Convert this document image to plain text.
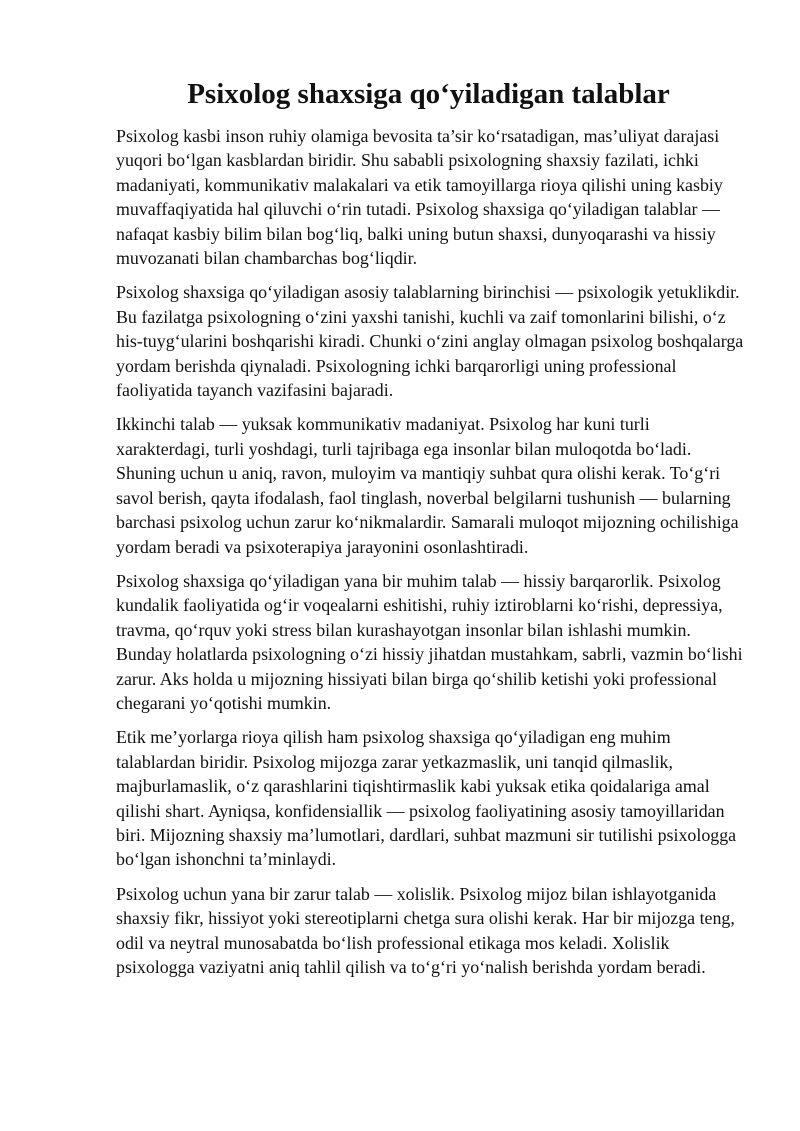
Psixolog shaxsiga qo‘yiladigan talablar

Psixolog kasbi inson ruhiy olamiga bevosita ta’sir ko‘rsatadigan, mas’uliyat darajasi yuqori bo‘lgan kasblardan biridir. Shu sababli psixologning shaxsiy fazilati, ichki madaniyati, kommunikativ malakalari va etik tamoyillarga rioya qilishi uning kasbiy muvaffaqiyatida hal qiluvchi o‘rin tutadi. Psixolog shaxsiga qo‘yiladigan talablar — nafaqat kasbiy bilim bilan bog‘liq, balki uning butun shaxsi, dunyoqarashi va hissiy muvozanati bilan chambarchas bog‘liqdir.

Psixolog shaxsiga qo‘yiladigan asosiy talablarning birinchisi — psixologik yetuklikdir. Bu fazilatga psixologning o‘zini yaxshi tanishi, kuchli va zaif tomonlarini bilishi, o‘z his-tuyg‘ularini boshqarishi kiradi. Chunki o‘zini anglay olmagan psixolog boshqalarga yordam berishda qiynaladi. Psixologning ichki barqarorligi uning professional faoliyatida tayanch vazifasini bajaradi.

Ikkinchi talab — yuksak kommunikativ madaniyat. Psixolog har kuni turli xarakterdagi, turli yoshdagi, turli tajribaga ega insonlar bilan muloqotda bo‘ladi. Shuning uchun u aniq, ravon, muloyim va mantiqiy suhbat qura olishi kerak. To‘g‘ri savol berish, qayta ifodalash, faol tinglash, noverbal belgilarni tushunish — bularning barchasi psixolog uchun zarur ko‘nikmalardir. Samarali muloqot mijozning ochilishiga yordam beradi va psixoterapiya jarayonini osonlashtiradi.

Psixolog shaxsiga qo‘yiladigan yana bir muhim talab — hissiy barqarorlik. Psixolog kundalik faoliyatida og‘ir voqealarni eshitishi, ruhiy iztiroblarni ko‘rishi, depressiya, travma, qo‘rquv yoki stress bilan kurashayotgan insonlar bilan ishlashi mumkin. Bunday holatlarda psixologning o‘zi hissiy jihatdan mustahkam, sabrli, vazmin bo‘lishi zarur. Aks holda u mijozning hissiyati bilan birga qo‘shilib ketishi yoki professional chegarani yo‘qotishi mumkin.

Etik me’yorlarga rioya qilish ham psixolog shaxsiga qo‘yiladigan eng muhim talablardan biridir. Psixolog mijozga zarar yetkazmaslik, uni tanqid qilmaslik, majburlamaslik, o‘z qarashlarini tiqishtirmaslik kabi yuksak etika qoidalariga amal qilishi shart. Ayniqsa, konfidensiallik — psixolog faoliyatining asosiy tamoyillaridan biri. Mijozning shaxsiy ma’lumotlari, dardlari, suhbat mazmuni sir tutilishi psixologga bo‘lgan ishonchni ta’minlaydi.

Psixolog uchun yana bir zarur talab — xolislik. Psixolog mijoz bilan ishlayotganida shaxsiy fikr, hissiyot yoki stereotiplarni chetga sura olishi kerak. Har bir mijozga teng, odil va neytral munosabatda bo‘lish professional etikaga mos keladi. Xolislik psixologga vaziyatni aniq tahlil qilish va to‘g‘ri yo‘nalish berishda yordam beradi.
